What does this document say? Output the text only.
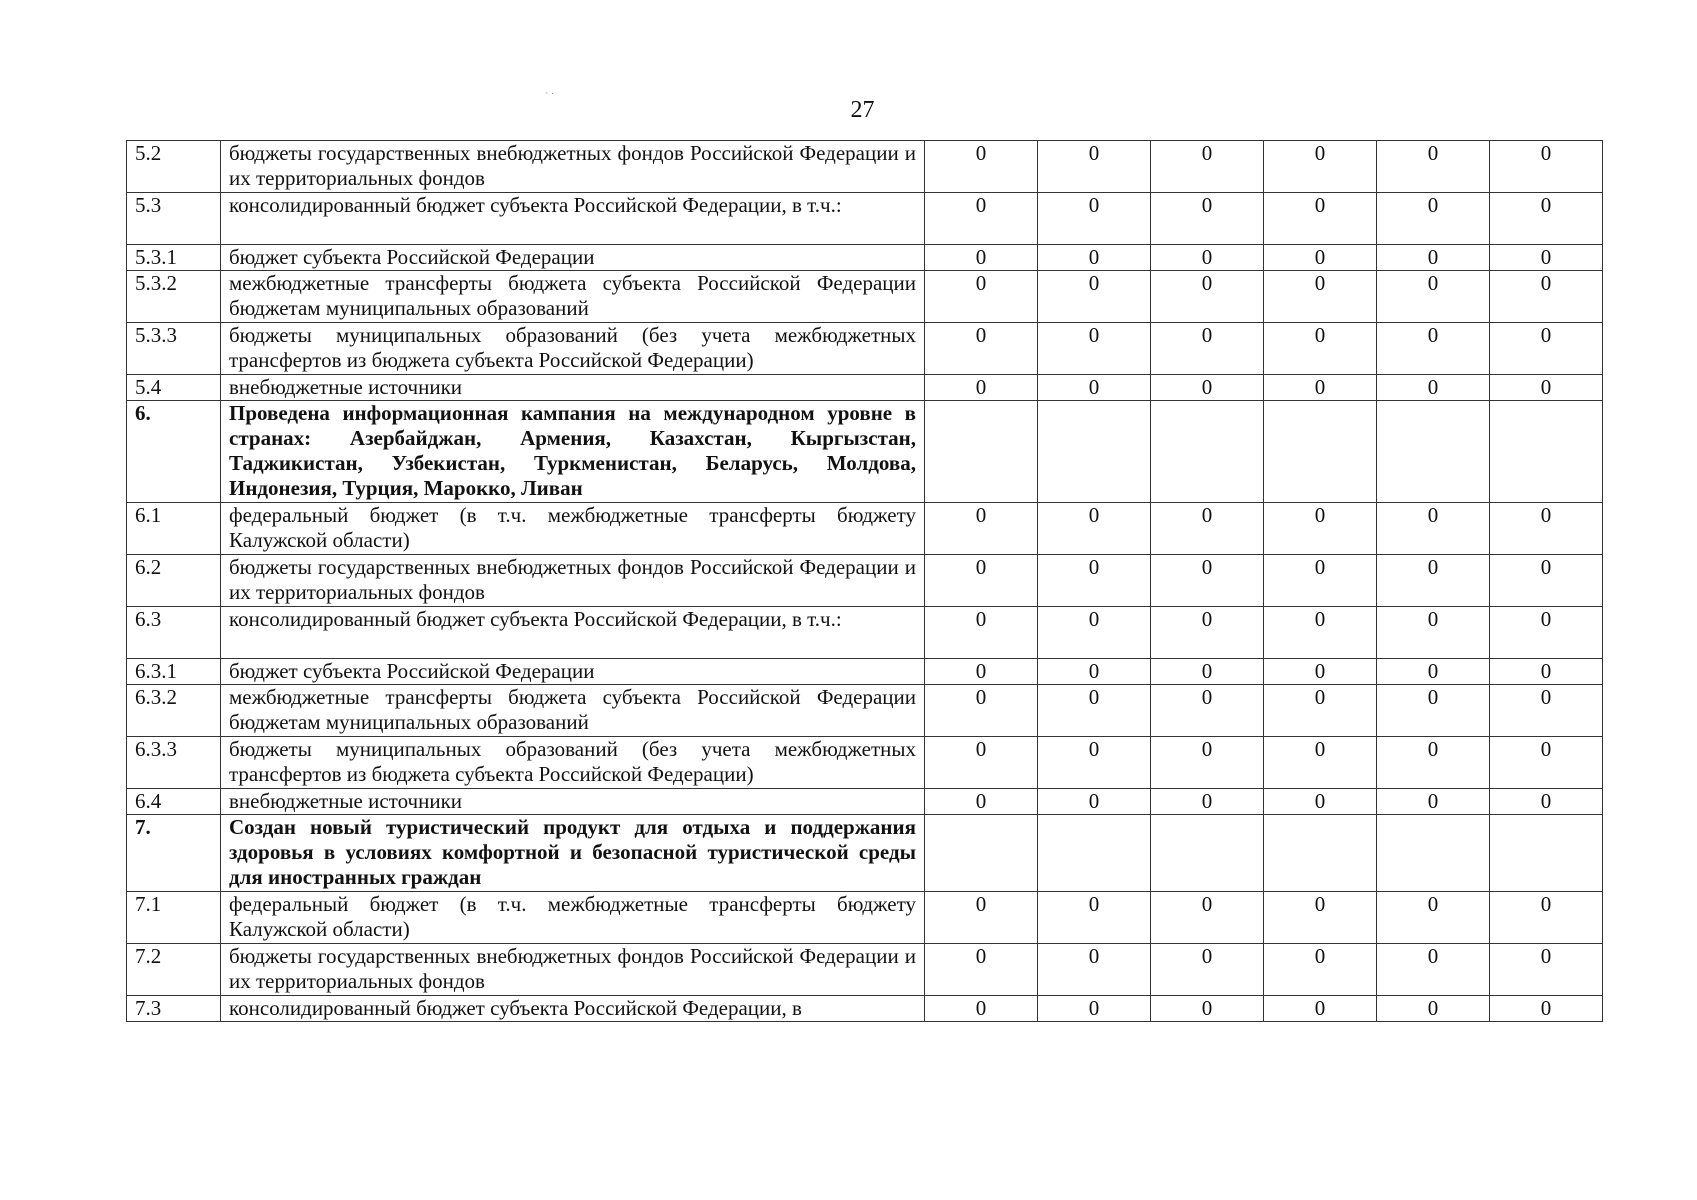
27
` ˙
5.2	бюджеты государственных внебюджетных фондов Российской Федерации и их территориальных фондов	0	0	0	0	0	0
5.3	консолидированный бюджет субъекта Российской Федерации, в т.ч.:	0	0	0	0	0	0
5.3.1	бюджет субъекта Российской Федерации	0	0	0	0	0	0
5.3.2	межбюджетные трансферты бюджета субъекта Российской Федерации бюджетам муниципальных образований	0	0	0	0	0	0
5.3.3	бюджеты муниципальных образований (без учета межбюджетных трансфертов из бюджета субъекта Российской Федерации)	0	0	0	0	0	0
5.4	внебюджетные источники	0	0	0	0	0	0
6.	Проведена информационная кампания на международном уровне в странах: Азербайджан, Армения, Казахстан, Кыргызстан, Таджикистан, Узбекистан, Туркменистан, Беларусь, Молдова, Индонезия, Турция, Марокко, Ливан						
6.1	федеральный бюджет (в т.ч. межбюджетные трансферты бюджету Калужской области)	0	0	0	0	0	0
6.2	бюджеты государственных внебюджетных фондов Российской Федерации и их территориальных фондов	0	0	0	0	0	0
6.3	консолидированный бюджет субъекта Российской Федерации, в т.ч.:	0	0	0	0	0	0
6.3.1	бюджет субъекта Российской Федерации	0	0	0	0	0	0
6.3.2	межбюджетные трансферты бюджета субъекта Российской Федерации бюджетам муниципальных образований	0	0	0	0	0	0
6.3.3	бюджеты муниципальных образований (без учета межбюджетных трансфертов из бюджета субъекта Российской Федерации)	0	0	0	0	0	0
6.4	внебюджетные источники	0	0	0	0	0	0
7.	Создан новый туристический продукт для отдыха и поддержания здоровья в условиях комфортной и безопасной туристической среды для иностранных граждан						
7.1	федеральный бюджет (в т.ч. межбюджетные трансферты бюджету Калужской области)	0	0	0	0	0	0
7.2	бюджеты государственных внебюджетных фондов Российской Федерации и их территориальных фондов	0	0	0	0	0	0
7.3	консолидированный бюджет субъекта Российской Федерации, в	0	0	0	0	0	0
